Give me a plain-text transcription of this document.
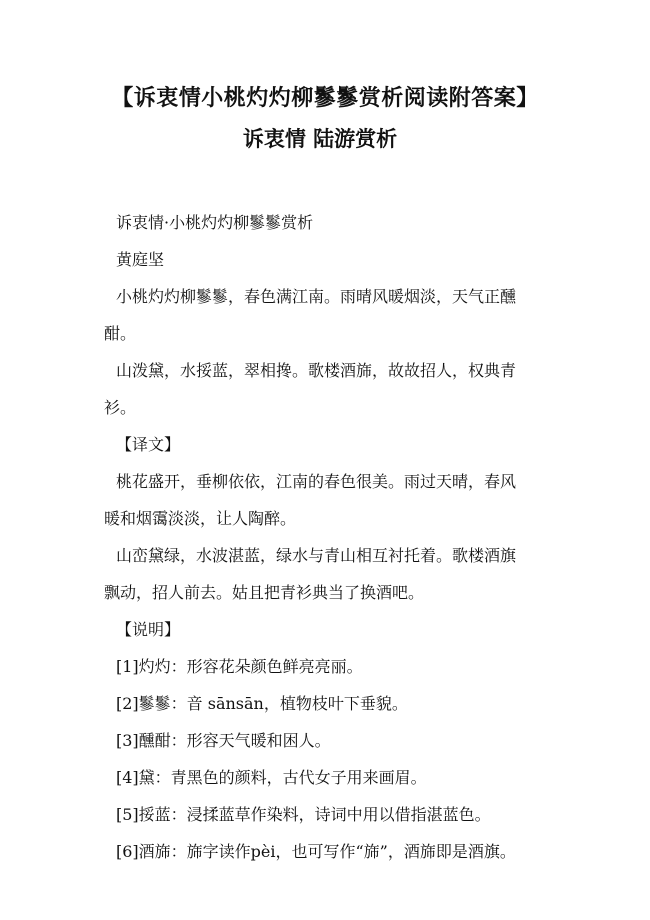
【诉衷情小桃灼灼柳鬖鬖赏析阅读附答案】
诉衷情 陆游赏析

诉衷情·小桃灼灼柳鬖鬖赏析

黄庭坚

小桃灼灼柳鬖鬖，春色满江南。雨晴风暖烟淡，天气正醺
酣。

山泼黛，水挼蓝，翠相搀。歌楼酒旆，故故招人，权典青
衫。

【译文】

桃花盛开，垂柳依依，江南的春色很美。雨过天晴，春风
暖和烟霭淡淡，让人陶醉。

山峦黛绿，水波湛蓝，绿水与青山相互衬托着。歌楼酒旗
飘动，招人前去。姑且把青衫典当了换酒吧。

【说明】

[1]灼灼：形容花朵颜色鲜亮亮丽。
[2]鬖鬖：音 sānsān，植物枝叶下垂貌。
[3]醺酣：形容天气暖和困人。
[4]黛：青黑色的颜料，古代女子用来画眉。
[5]挼蓝：浸揉蓝草作染料，诗词中用以借指湛蓝色。
[6]酒旆：旆字读作pèi，也可写作“旆”，酒旆即是酒旗。
